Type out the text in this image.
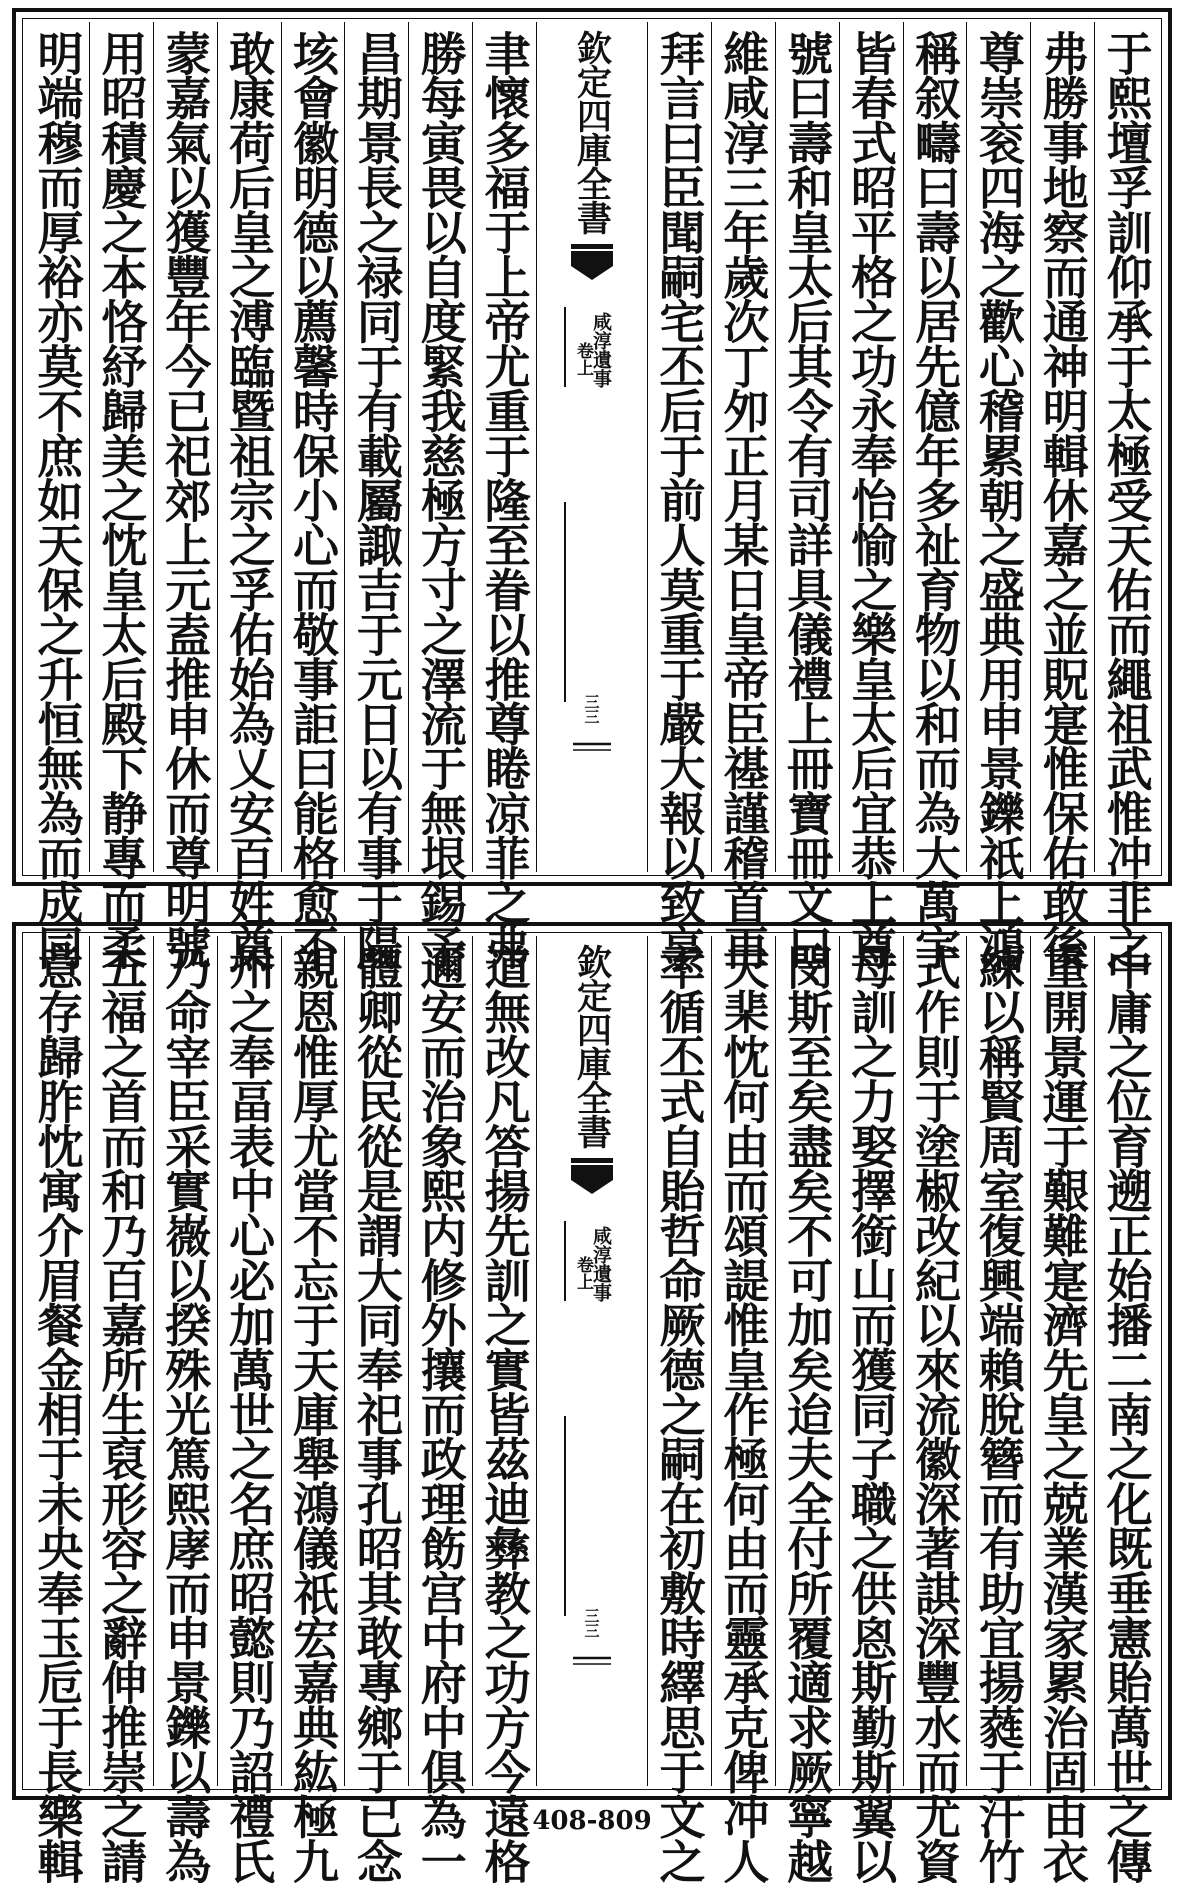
于熙壇孚訓仰承于太極受天佑而繩祖武惟冲非之
弗勝事地察而通神明輯休嘉之並貺寔惟保佑敢後
尊崇衮四海之歡心稽累朝之盛典用申景鑠祇上鴻
稱叙疇曰壽以居先億年多祉育物以和而為大萬宇
皆春式昭平格之功永奉怡愉之樂皇太后宜恭上尊
號曰壽和皇太后其令有司詳具儀禮上冊寶冊文曰
維咸淳三年歲次丁夘正月某日皇帝臣禥謹稽首再
拜言曰臣聞嗣宅丕后于前人莫重于嚴大報以致享
欽定四庫全書
咸淳遺事
卷上
三三
聿懷多福于上帝尤重于隆至眷以推尊睠凉菲之弗
勝每寅畏以自度緊我慈極方寸之澤流于無垠錫予
昌期景長之禄同于有載屬諏吉于元日以有事于陽
垓會徽明德以薦馨時保小心而敬事詎曰能格愈不
敢康荷后皇之溥臨暨祖宗之孚佑始為乂安百姓奠
蒙嘉氣以獲豐年今已祀郊上元盍推申休而尊明號
用昭積慶之本恪紓歸美之忱皇太后殿下静專而柔
明端穆而厚裕亦莫不庶如天保之升恒無為而成同
中庸之位育遡正始播二南之化既垂憲貽萬世之傳
重開景運于艱難寔濟先皇之兢業漢家累治固由衣
練以稱賢周室復興端賴脫簪而有助宜揚蕤于汗竹
式作則于塗椒改紀以來流徽深著諆深豐水而尤資
母訓之力娶擇銜山而獲同子職之供恖斯勤斯翼以
閔斯至矣盡矣不可加矣迨夫全付所覆適求厥寧越
天棐忱何由而頌諟惟皇作極何由而靈承克俾冲人
率循丕式自貽哲命厥德之嗣在初敷時繹思于文之
欽定四庫全書
咸淳遺事
卷上
三三
道無改凡答揚先訓之實皆茲迪彝教之功方今遠格
邇安而治象熙内修外攘而政理飭宫中府中俱為一
體卿從民從是謂大同奉祀事孔昭其敢專鄉于已念
親恩惟厚尤當不忘于天庫舉鴻儀祇宏嘉典紘極九
州之奉畐表中心必加萬世之名庶昭懿則乃詔禮氏
乃命宰臣采實嶶以揆殊光篤熙庨而申景鑠以壽為
五福之首而和乃百嘉所生裒形容之辭伸推崇之請
意存歸胙忱寓介眉餐金相于未央奉玉卮于長樂輯	408-809
